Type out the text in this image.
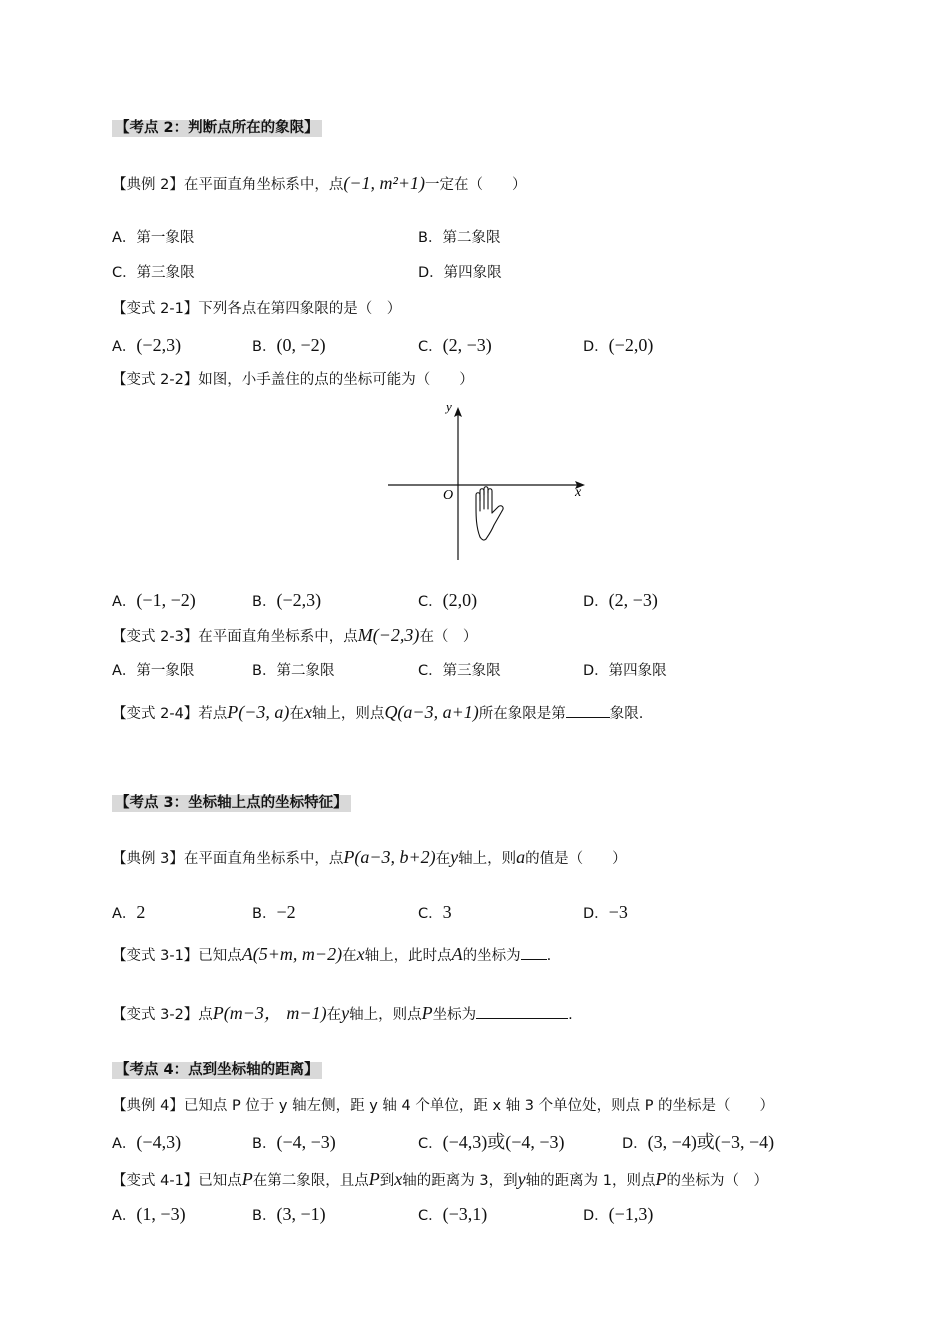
【考点 2：判断点所在的象限】
【典例 2】在平面直角坐标系中，点(−1, m²+1)一定在（　　）
A．第一象限	B．第二象限
C．第三象限	D．第四象限
【变式 2-1】下列各点在第四象限的是（　）
A．(−2,3)	B．(0, −2)	C．(2, −3)	D．(−2,0)
【变式 2-2】如图，小手盖住的点的坐标可能为（　　）
y
x
O
A．(−1, −2)	B．(−2,3)	C．(2,0)	D．(2, −3)
【变式 2-3】在平面直角坐标系中，点M(−2,3)在（　）
A．第一象限	B．第二象限	C．第三象限	D．第四象限
【变式 2-4】若点P(−3, a)在x轴上，则点Q(a−3, a+1)所在象限是第	象限.
【考点 3：坐标轴上点的坐标特征】
【典例 3】在平面直角坐标系中，点P(a−3, b+2)在y轴上，则a的值是（　　）
A．2	B．−2	C．3	D．−3
【变式 3-1】已知点A(5+m, m−2)在x轴上，此时点A的坐标为 .
【变式 3-2】点P(m−3， m−1)在y轴上，则点P坐标为	.
【考点 4：点到坐标轴的距离】
【典例 4】已知点 P 位于 y 轴左侧，距 y 轴 4 个单位，距 x 轴 3 个单位处，则点 P 的坐标是（　　）
A．(−4,3)	B．(−4, −3)	C．(−4,3)或(−4, −3)	D．(3, −4)或(−3, −4)
【变式 4-1】已知点P在第二象限，且点P到x轴的距离为 3，到y轴的距离为 1，则点P的坐标为（　）
A．(1, −3)	B．(3, −1)	C．(−3,1)	D．(−1,3)
